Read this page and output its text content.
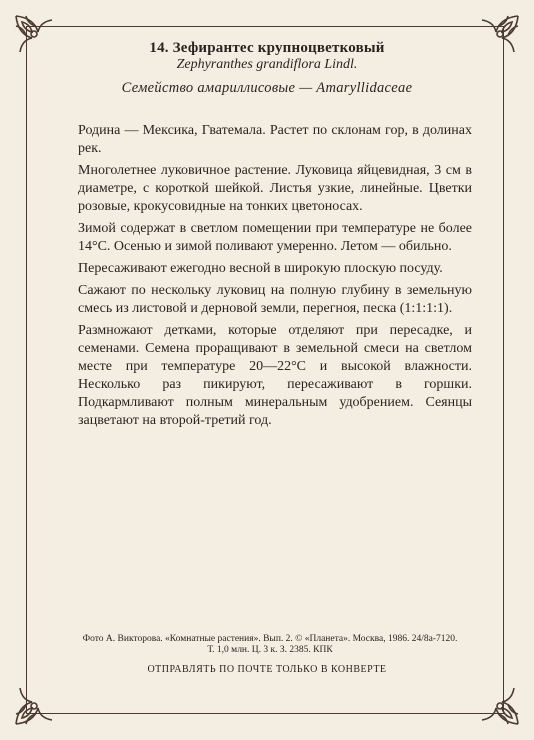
14. Зефирантес крупноцветковый
Zephyranthes grandiflora Lindl.
Семейство амариллисовые — Amaryllidaceae

Родина — Мексика, Гватемала. Растет по склонам гор, в долинах рек.

Многолетнее луковичное растение. Луковица яйцевидная, 3 см в диаметре, с короткой шейкой. Листья узкие, линейные. Цветки розовые, крокусовидные на тонких цветоносах.

Зимой содержат в светлом помещении при температуре не более 14°С. Осенью и зимой поливают умеренно. Летом — обильно.

Пересаживают ежегодно весной в широкую плоскую посуду.

Сажают по нескольку луковиц на полную глубину в земельную смесь из листовой и дерновой земли, перегноя, песка (1:1:1:1).

Размножают детками, которые отделяют при пересадке, и семенами. Семена проращивают в земельной смеси на светлом месте при температуре 20—22°С и высокой влажности. Несколько раз пикируют, пересаживают в горшки. Подкармливают полным минеральным удобрением. Сеянцы зацветают на второй-третий год.

Фото А. Викторова. «Комнатные растения». Вып. 2. © «Планета». Москва, 1986. 24/8а-7120.
Т. 1,0 млн. Ц. 3 к. З. 2385. КПК
ОТПРАВЛЯТЬ ПО ПОЧТЕ ТОЛЬКО В КОНВЕРТЕ
